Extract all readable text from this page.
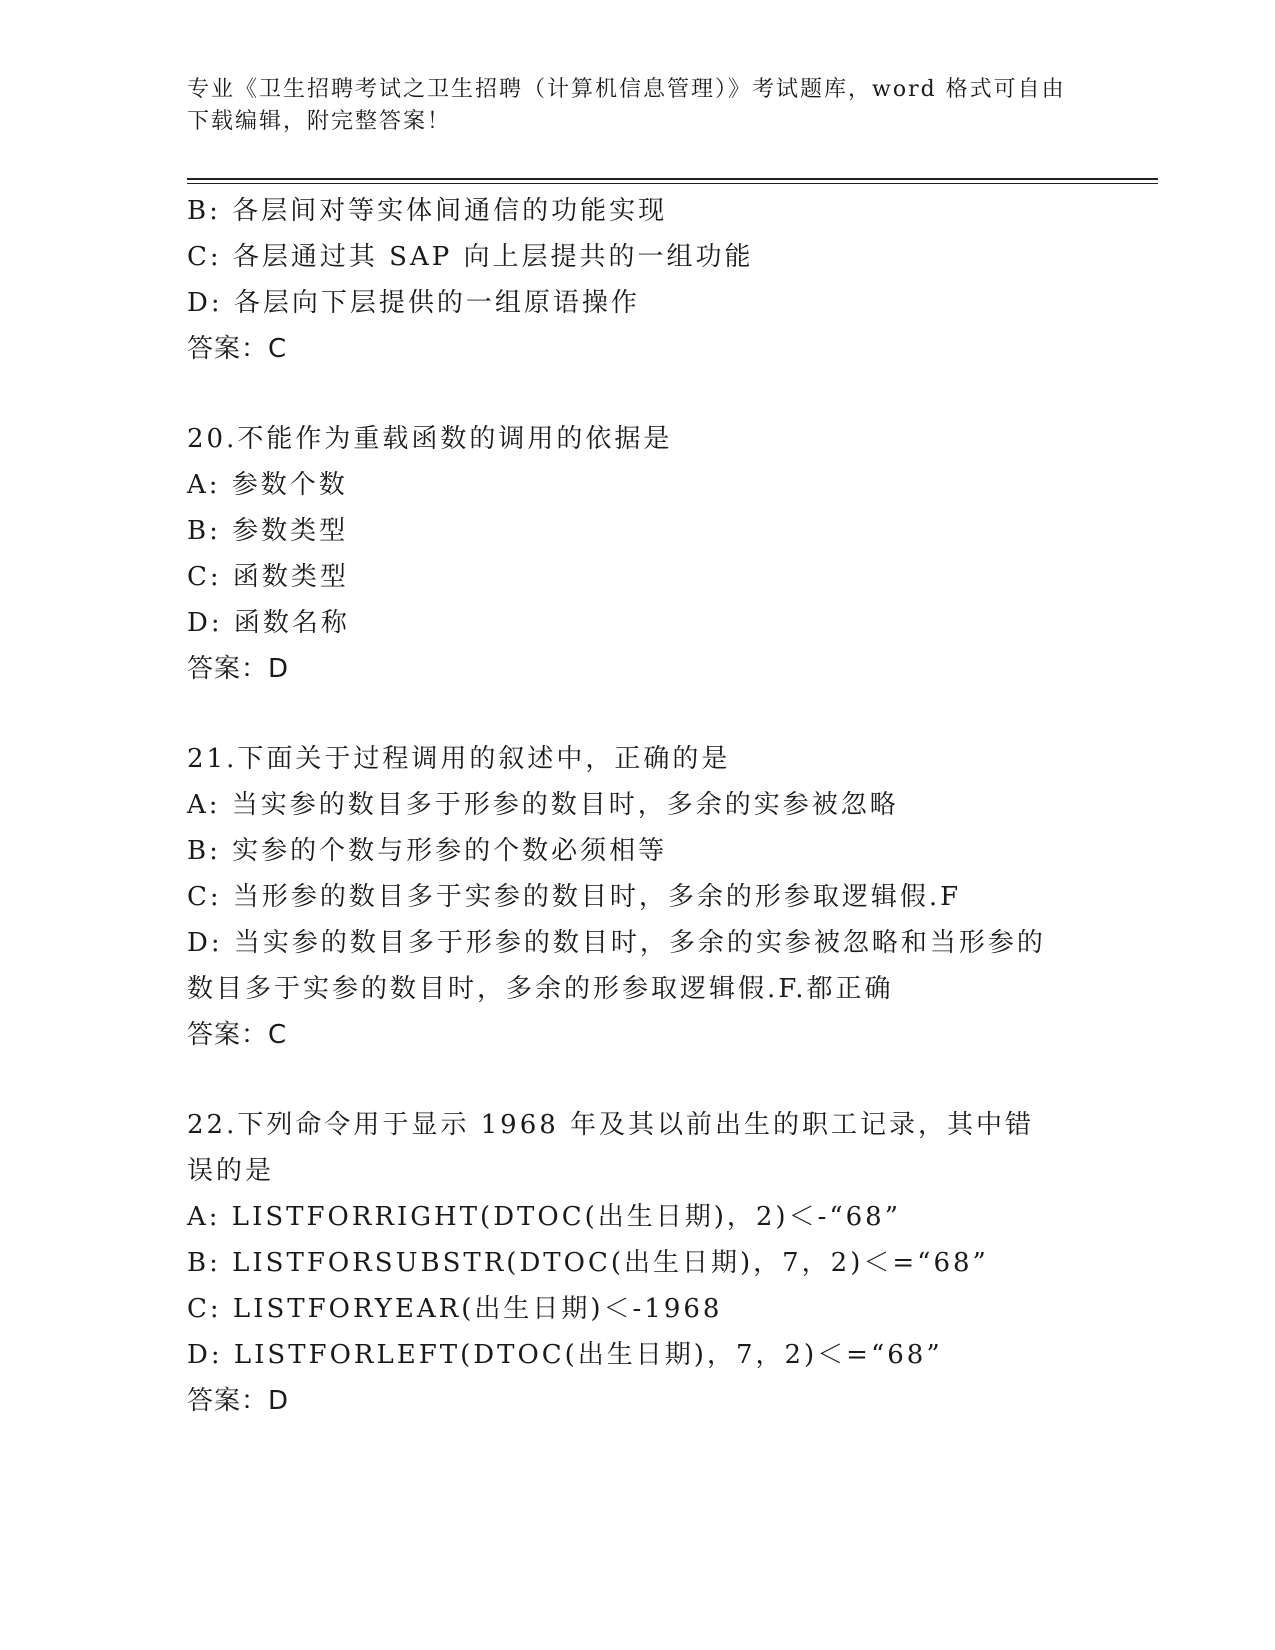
专业《卫生招聘考试之卫生招聘（计算机信息管理）》考试题库，word 格式可自由下载编辑，附完整答案！
B: 各层间对等实体间通信的功能实现
C: 各层通过其 SAP 向上层提共的一组功能
D: 各层向下层提供的一组原语操作
答案：C
20.不能作为重载函数的调用的依据是
A: 参数个数
B: 参数类型
C: 函数类型
D: 函数名称
答案：D
21.下面关于过程调用的叙述中，正确的是
A: 当实参的数目多于形参的数目时，多余的实参被忽略
B: 实参的个数与形参的个数必须相等
C: 当形参的数目多于实参的数目时，多余的形参取逻辑假.F
D: 当实参的数目多于形参的数目时，多余的实参被忽略和当形参的数目多于实参的数目时，多余的形参取逻辑假.F.都正确
答案：C
22.下列命令用于显示 1968 年及其以前出生的职工记录，其中错误的是
A: LISTFORRIGHT(DTOC(出生日期)，2)＜-“68”
B: LISTFORSUBSTR(DTOC(出生日期)，7，2)＜=“68”
C: LISTFORYEAR(出生日期)＜-1968
D: LISTFORLEFT(DTOC(出生日期)，7，2)＜=“68”
答案：D
